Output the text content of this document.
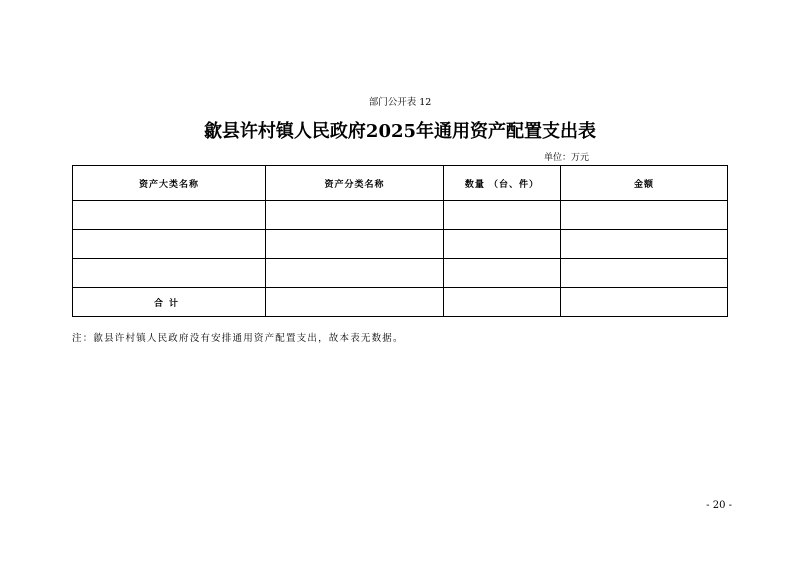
部门公开表 12
歙县许村镇人民政府2025年通用资产配置支出表
单位：万元
资产大类名称	资产分类名称	数量 （台、件）	金额

合计			
注：歙县许村镇人民政府没有安排通用资产配置支出，故本表无数据。
- 20 -
